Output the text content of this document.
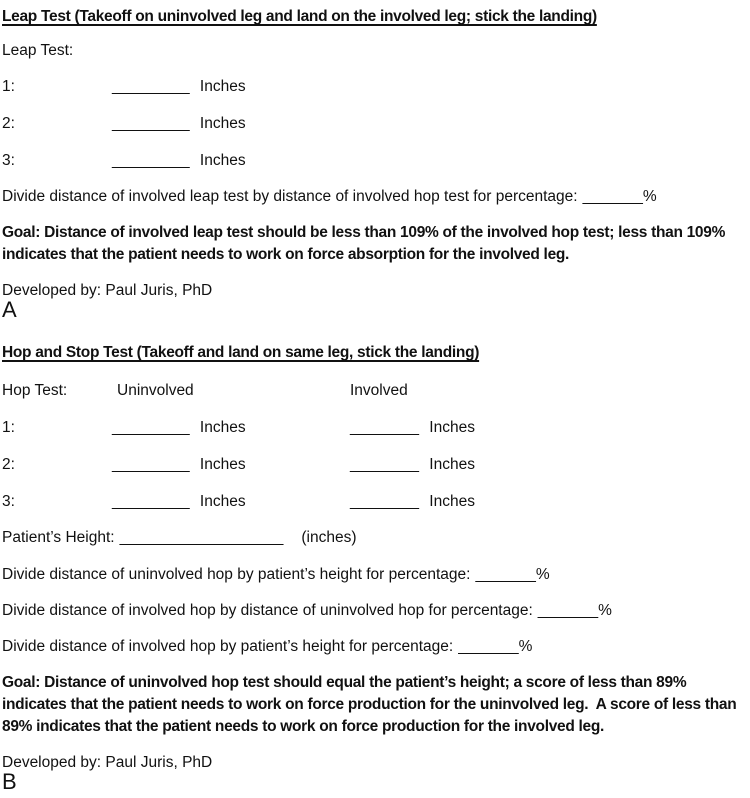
Leap Test (Takeoff on uninvolved leg and land on the involved leg; stick the landing)
Leap Test:
1:	_________ Inches
2:	_________ Inches
3:	_________ Inches
Divide distance of involved leap test by distance of involved hop test for percentage: _______%
Goal: Distance of involved leap test should be less than 109% of the involved hop test; less than 109% indicates that the patient needs to work on force absorption for the involved leg.
Developed by: Paul Juris, PhD
A
Hop and Stop Test (Takeoff and land on same leg, stick the landing)
Hop Test:	Uninvolved	Involved
1:	_________ Inches	________ Inches
2:	_________ Inches	________ Inches
3:	_________ Inches	________ Inches
Patient’s Height: ___________________ (inches)
Divide distance of uninvolved hop by patient’s height for percentage: _______%
Divide distance of involved hop by distance of uninvolved hop for percentage: _______%
Divide distance of involved hop by patient’s height for percentage: _______%
Goal: Distance of uninvolved hop test should equal the patient’s height; a score of less than 89% indicates that the patient needs to work on force production for the uninvolved leg.  A score of less than 89% indicates that the patient needs to work on force production for the involved leg.
Developed by: Paul Juris, PhD
B
